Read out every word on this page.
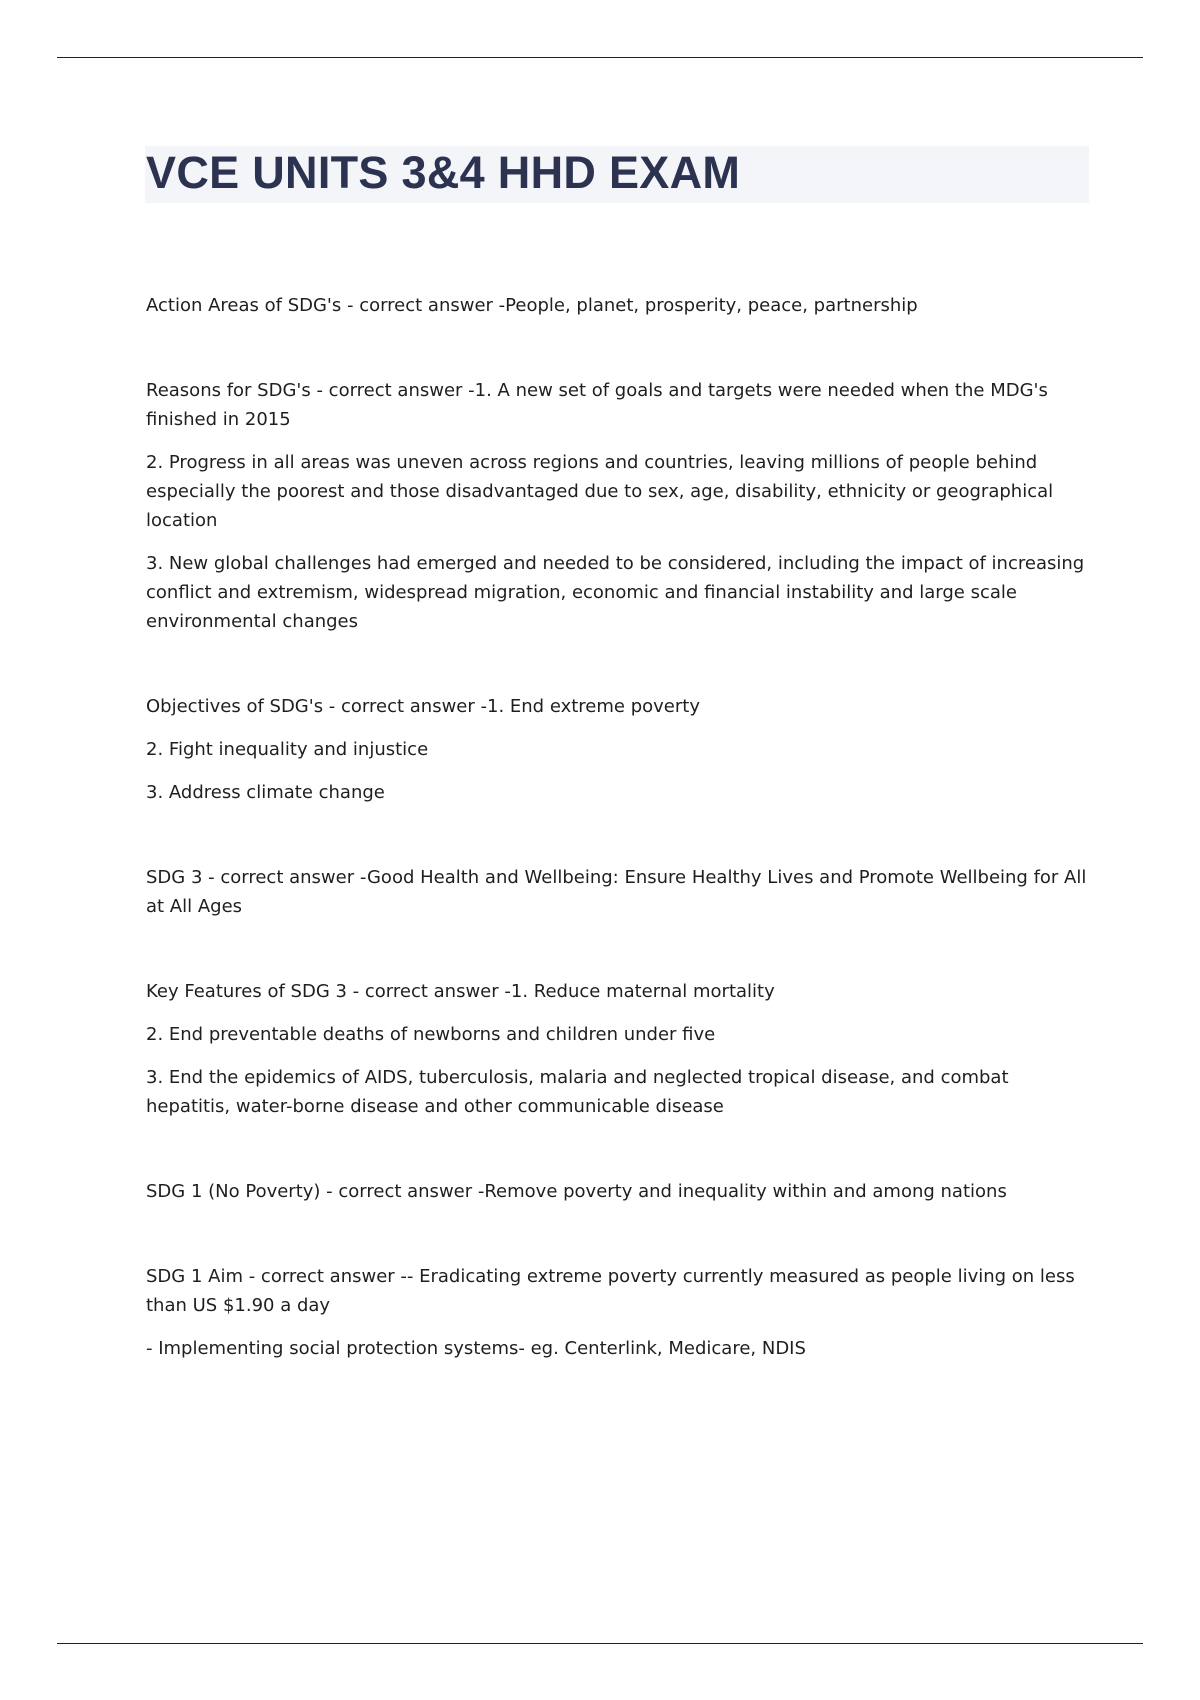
VCE UNITS 3&4 HHD EXAM

Action Areas of SDG's - correct answer -People, planet, prosperity, peace, partnership

Reasons for SDG's - correct answer -1. A new set of goals and targets were needed when the MDG's finished in 2015

2. Progress in all areas was uneven across regions and countries, leaving millions of people behind especially the poorest and those disadvantaged due to sex, age, disability, ethnicity or geographical location

3. New global challenges had emerged and needed to be considered, including the impact of increasing conflict and extremism, widespread migration, economic and financial instability and large scale environmental changes

Objectives of SDG's - correct answer -1. End extreme poverty

2. Fight inequality and injustice

3. Address climate change

SDG 3 - correct answer -Good Health and Wellbeing: Ensure Healthy Lives and Promote Wellbeing for All at All Ages

Key Features of SDG 3 - correct answer -1. Reduce maternal mortality

2. End preventable deaths of newborns and children under five

3. End the epidemics of AIDS, tuberculosis, malaria and neglected tropical disease, and combat hepatitis, water-borne disease and other communicable disease

SDG 1 (No Poverty) - correct answer -Remove poverty and inequality within and among nations

SDG 1 Aim - correct answer -- Eradicating extreme poverty currently measured as people living on less than US $1.90 a day

- Implementing social protection systems- eg. Centerlink, Medicare, NDIS
